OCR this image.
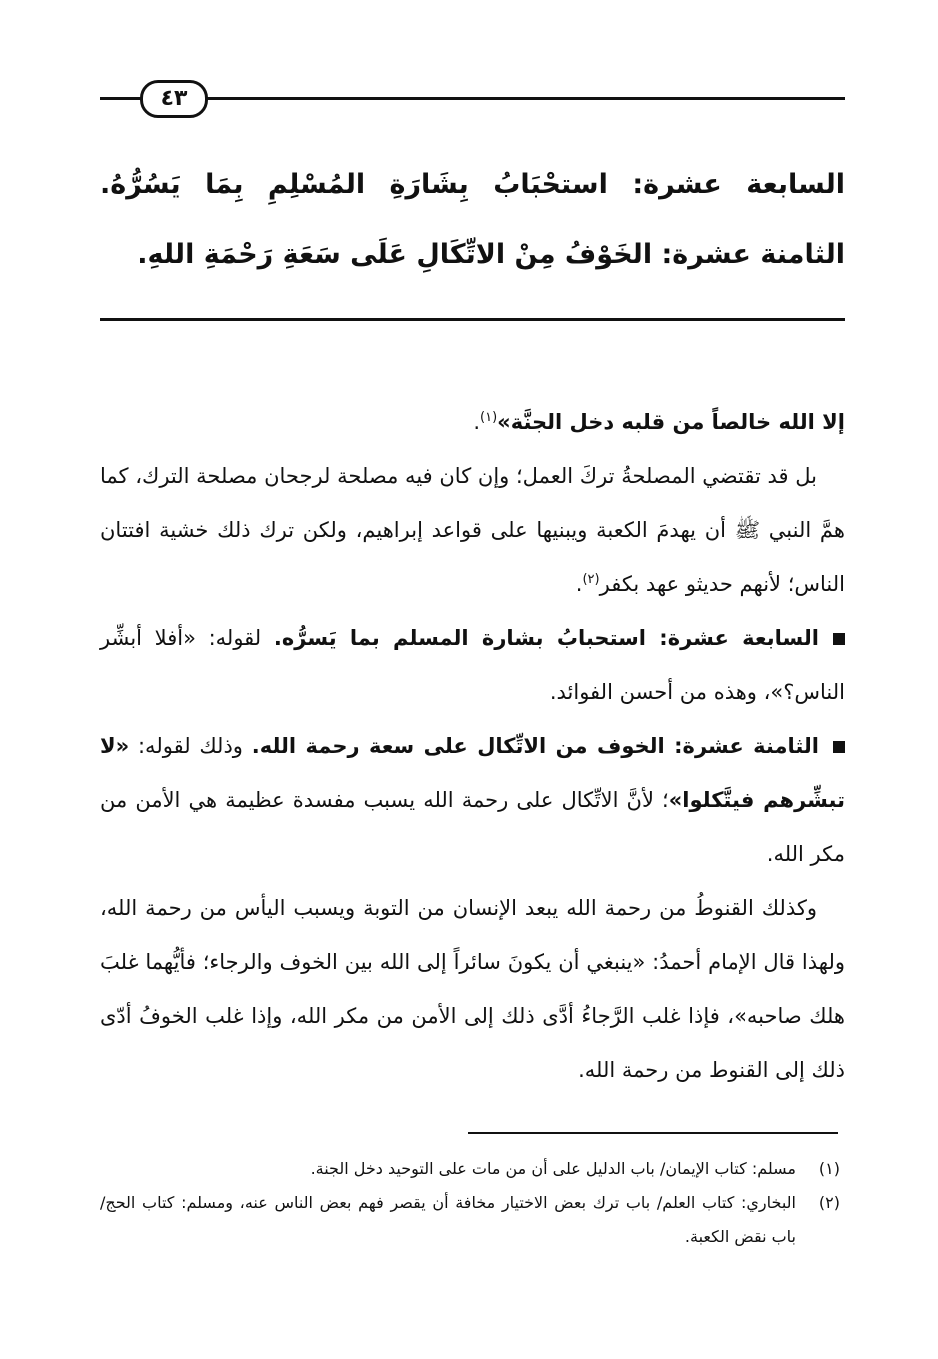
٤٣
السابعة عشرة: استحْبَابُ بِشَارَةِ المُسْلِمِ بِمَا يَسُرُّهُ. الثامنة عشرة: الخَوْفُ مِنْ الاتِّكَالِ عَلَى سَعَةِ رَحْمَةِ اللهِ.

إلا الله خالصاً من قلبه دخل الجنَّة»$^{(١)}$.

بل قد تقتضي المصلحةُ تركَ العمل؛ وإن كان فيه مصلحة لرجحان مصلحة الترك، كما همَّ النبي ﷺ أن يهدمَ الكعبة ويبنيها على قواعد إبراهيم، ولكن ترك ذلك خشية افتتان الناس؛ لأنهم حديثو عهد بكفر$^{(٢)}$.

السابعة عشرة: استحبابُ بشارة المسلم بما يَسرُّه. لقوله: «أفلا أبشِّر الناس؟»، وهذه من أحسن الفوائد.

الثامنة عشرة: الخوف من الاتِّكال على سعة رحمة الله. وذلك لقوله: «لا تبشِّرهم فيتَّكلوا»؛ لأنَّ الاتِّكال على رحمة الله يسبب مفسدة عظيمة هي الأمن من مكر الله.

وكذلك القنوطُ من رحمة الله يبعد الإنسان من التوبة ويسبب اليأس من رحمة الله، ولهذا قال الإمام أحمدُ: «ينبغي أن يكونَ سائراً إلى الله بين الخوف والرجاء؛ فأيُّهما غلبَ هلك صاحبه»، فإذا غلب الرَّجاءُ أدَّى ذلك إلى الأمن من مكر الله، وإذا غلب الخوفُ أدّى ذلك إلى القنوط من رحمة الله.

(١)
مسلم: كتاب الإيمان/ باب الدليل على أن من مات على التوحيد دخل الجنة.
(٢)
البخاري: كتاب العلم/ باب ترك بعض الاختيار مخافة أن يقصر فهم بعض الناس عنه، ومسلم: كتاب الحج/ باب نقض الكعبة.
